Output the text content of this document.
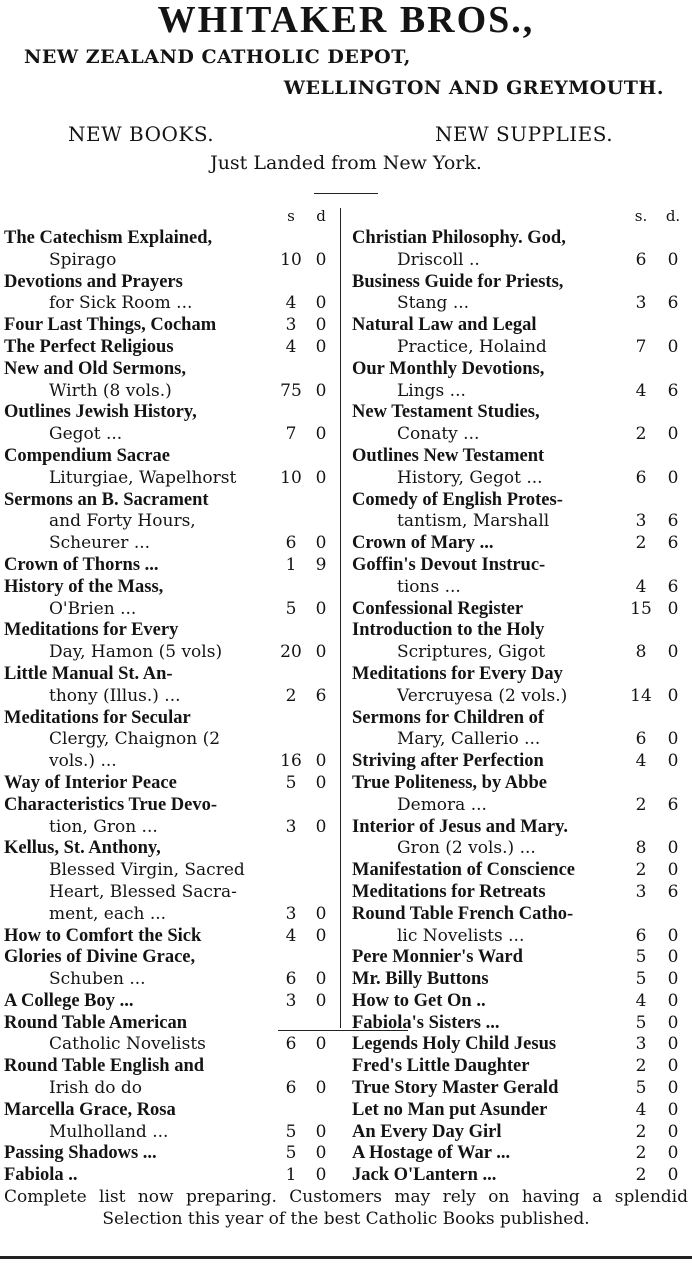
WHITAKER BROS.,
NEW ZEALAND CATHOLIC DEPOT,
WELLINGTON AND GREYMOUTH.
NEW BOOKS.	NEW SUPPLIES.
Just Landed from New York.
s	d
The Catechism Explained,
Spirago	10 0
Devotions and Prayers
for Sick Room ...	4	0
Four Last Things, Cocham	3	0
The Perfect Religious	4	0
New and Old Sermons,
Wirth (8 vols.)	75 0
Outlines Jewish History,
Gegot ...	7	0
Compendium Sacrae
Liturgiae, Wapelhorst	10 0
Sermons an B. Sacrament
and Forty Hours,
Scheurer ...	6	0
Crown of Thorns ...	1	9
History of the Mass,
O'Brien ...	5	0
Meditations for Every
Day, Hamon (5 vols)	20 0
Little Manual St. An-
thony (Illus.) ...	2	6
Meditations for Secular
Clergy, Chaignon (2
vols.) ...	16 0
Way of Interior Peace	5	0
Characteristics True Devo-
tion, Gron ...	3	0
Kellus, St. Anthony,
Blessed Virgin, Sacred
Heart, Blessed Sacra-
ment, each ...	3	0
How to Comfort the Sick	4	0
Glories of Divine Grace,
Schuben ...	6	0
A College Boy ...	3	0
Round Table American
Catholic Novelists	6	0
Round Table English and
Irish do do	6	0
Marcella Grace, Rosa
Mulholland ...	5	0
Passing Shadows ...	5	0
Fabiola ..	1	0
s.	d.
Christian Philosophy. God,
Driscoll ..	6	0
Business Guide for Priests,
Stang ...	3	6
Natural Law and Legal
Practice, Holaind	7	0
Our Monthly Devotions,
Lings ...	4	6
New Testament Studies,
Conaty ...	2	0
Outlines New Testament
History, Gegot ...	6	0
Comedy of English Protes-
tantism, Marshall	3	6
Crown of Mary ...	2	6
Goffin's Devout Instruc-
tions ...	4	6
Confessional Register	15 0
Introduction to the Holy
Scriptures, Gigot	8	0
Meditations for Every Day
Vercruyesa (2 vols.)	14 0
Sermons for Children of
Mary, Callerio ...	6	0
Striving after Perfection	4	0
True Politeness, by Abbe
Demora ...	2	6
Interior of Jesus and Mary.
Gron (2 vols.) ...	8	0
Manifestation of Conscience	2	0
Meditations for Retreats	3	6
Round Table French Catho-
lic Novelists ...	6	0
Pere Monnier's Ward	5	0
Mr. Billy Buttons	5	0
How to Get On ..	4	0
Fabiola's Sisters ...	5	0
Legends Holy Child Jesus	3	0
Fred's Little Daughter	2	0
True Story Master Gerald	5	0
Let no Man put Asunder	4	0
An Every Day Girl	2	0
A Hostage of War ...	2	0
Jack O'Lantern ...	2	0
Complete list now preparing. Customers may rely on having a splendid Selection this year of the best Catholic Books published.
